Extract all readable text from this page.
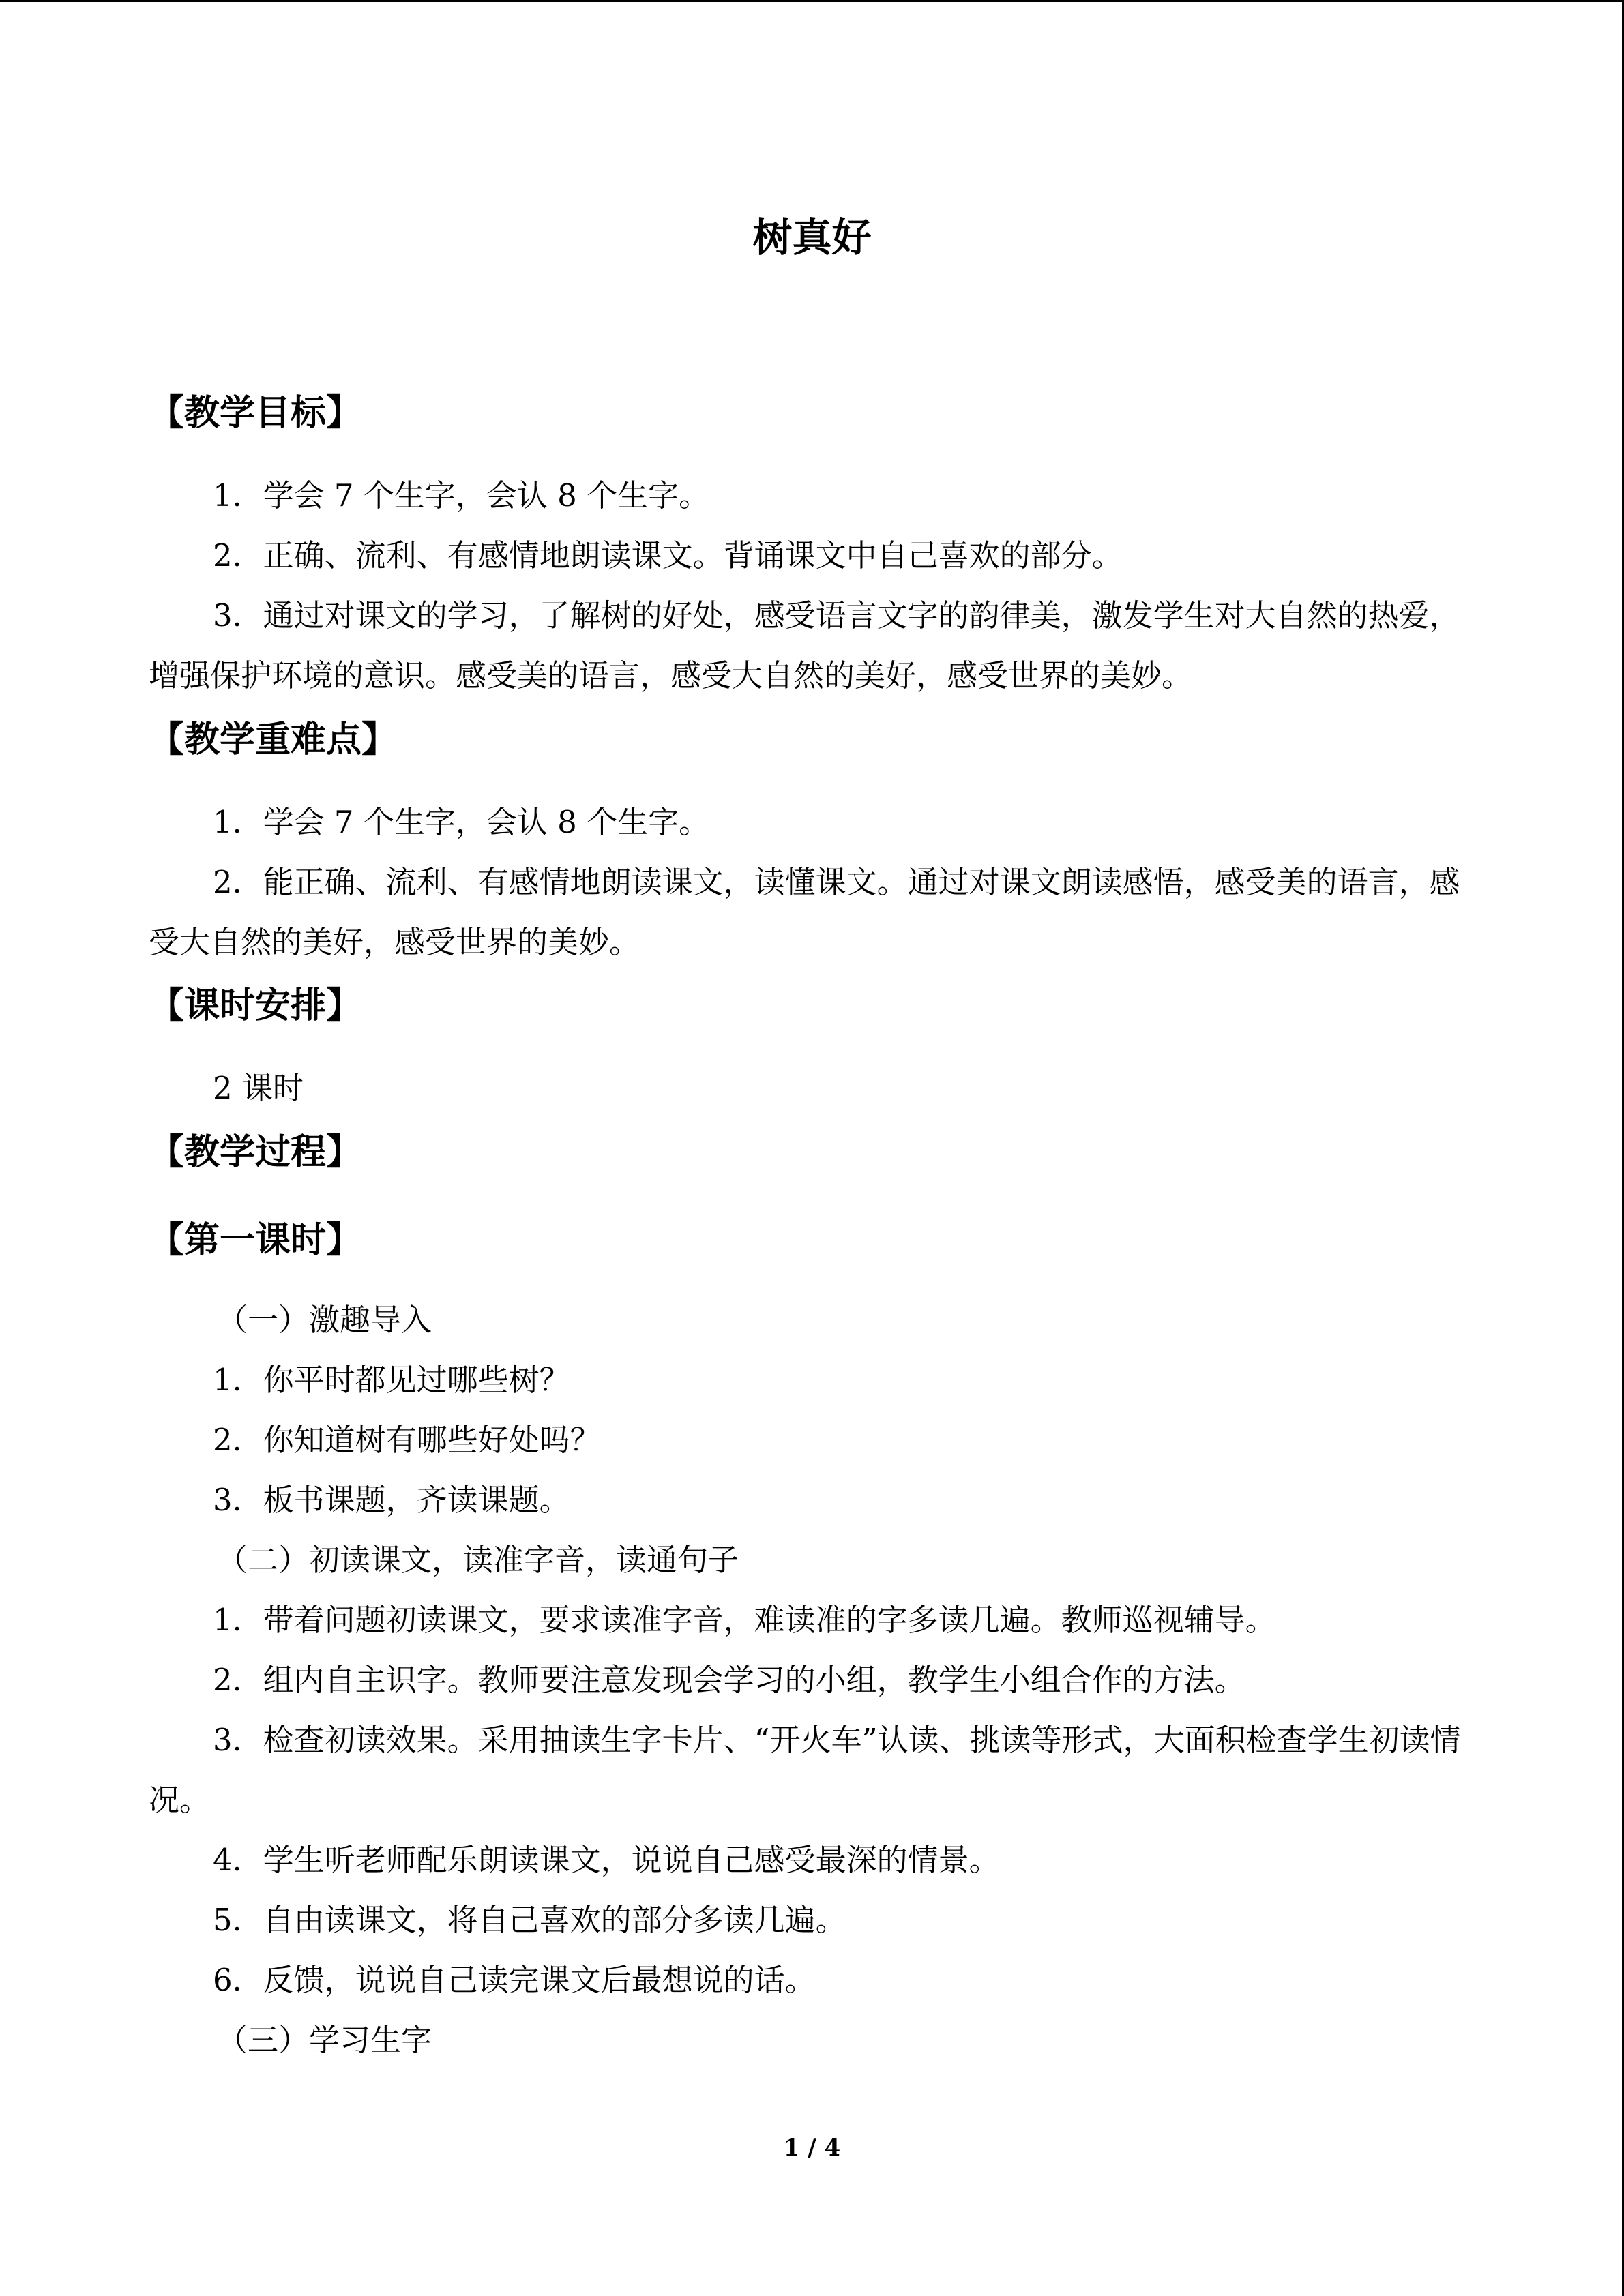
树真好
【教学目标】

1．学会 7 个生字，会认 8 个生字。

2．正确、流利、有感情地朗读课文。背诵课文中自己喜欢的部分。

3．通过对课文的学习，了解树的好处，感受语言文字的韵律美，激发学生对大自然的热爱，增强保护环境的意识。感受美的语言，感受大自然的美好，感受世界的美妙。

【教学重难点】

1．学会 7 个生字，会认 8 个生字。

2．能正确、流利、有感情地朗读课文，读懂课文。通过对课文朗读感悟，感受美的语言，感受大自然的美好，感受世界的美妙。

【课时安排】

2 课时

【教学过程】
【第一课时】

（一）激趣导入

1．你平时都见过哪些树？

2．你知道树有哪些好处吗？

3．板书课题，齐读课题。

（二）初读课文，读准字音，读通句子

1．带着问题初读课文，要求读准字音，难读准的字多读几遍。教师巡视辅导。

2．组内自主识字。教师要注意发现会学习的小组，教学生小组合作的方法。

3．检查初读效果。采用抽读生字卡片、“开火车”认读、挑读等形式，大面积检查学生初读情况。

4．学生听老师配乐朗读课文，说说自己感受最深的情景。

5．自由读课文，将自己喜欢的部分多读几遍。

6．反馈，说说自己读完课文后最想说的话。

（三）学习生字

1 / 4
